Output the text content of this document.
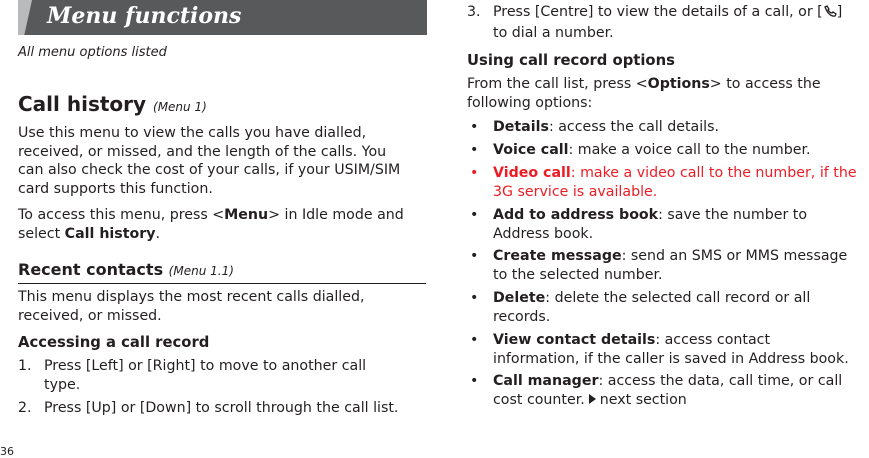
Menu functions
All menu options listed
Call history (Menu 1)
Use this menu to view the calls you have dialled,
received, or missed, and the length of the calls. You
can also check the cost of your calls, if your USIM/SIM
card supports this function.
To access this menu, press <Menu> in Idle mode and
select Call history.
Recent contacts (Menu 1.1)
This menu displays the most recent calls dialled,
received, or missed.
Accessing a call record
1. Press [Left] or [Right] to move to another call
type.
2. Press [Up] or [Down] to scroll through the call list.
3. Press [Centre] to view the details of a call, or [ ]
to dial a number.
Using call record options
From the call list, press <Options> to access the
following options:
• Details: access the call details.
• Voice call: make a voice call to the number.
• Video call: make a video call to the number, if the
3G service is available.
• Add to address book: save the number to
Address book.
• Create message: send an SMS or MMS message
to the selected number.
• Delete: delete the selected call record or all
records.
• View contact details: access contact
information, if the caller is saved in Address book.
• Call manager: access the data, call time, or call
cost counter. next section
36
